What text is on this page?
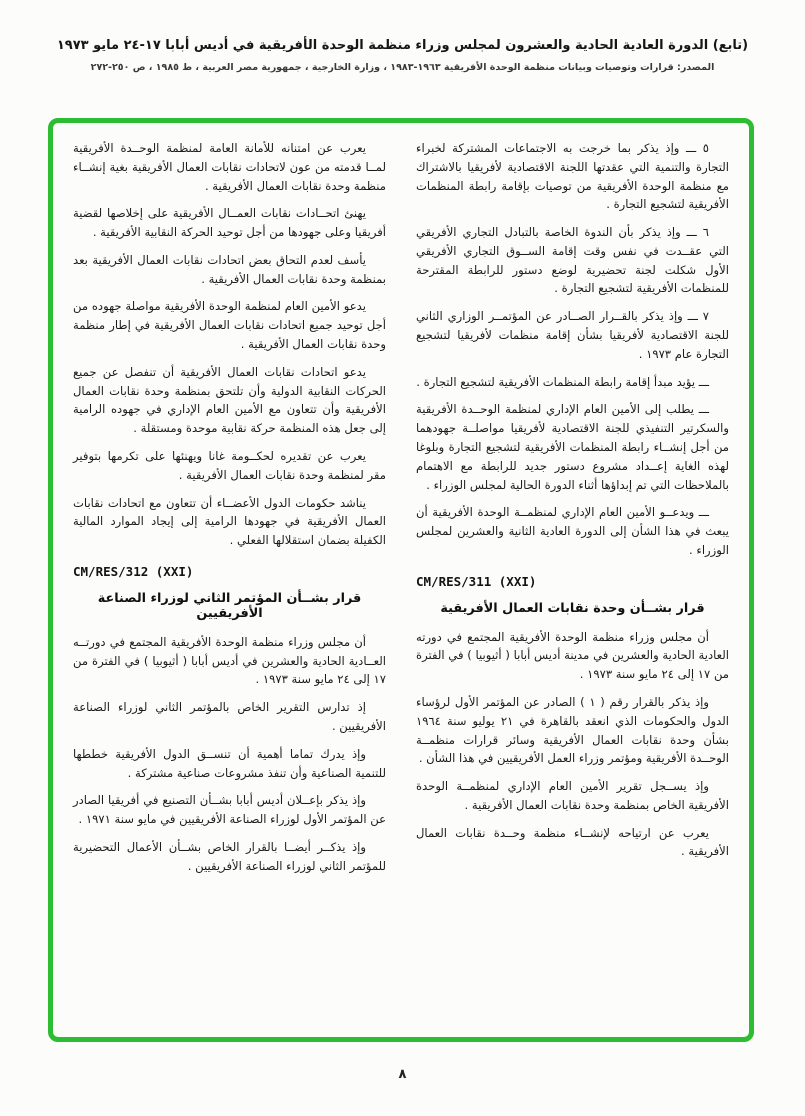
(تابع) الدورة العادية الحادية والعشرون لمجلس وزراء منظمة الوحدة الأفريقية في أديس أبابا ١٧-٢٤ مايو ١٩٧٣
المصدر: قرارات وتوصيات وبيانات منظمة الوحدة الأفريقية ١٩٦٣-١٩٨٣ ، وزارة الخارجية ، جمهورية مصر العربية ، ط ١٩٨٥ ، ص ٢٥٠-٢٧٢

٥ ـــ وإذ يذكر بما خرجت به الاجتماعات المشتركة لخبراء التجارة والتنمية التي عقدتها اللجنة الاقتصادية لأفريقيا بالاشتراك مع منظمة الوحدة الأفريقية من توصيات بإقامة رابطة المنظمات الأفريقية لتشجيع التجارة .

٦ ـــ وإذ يذكر بأن الندوة الخاصة بالتبادل التجاري الأفريقي التي عقــدت في نفس وقت إقامة الســوق التجاري الأفريقي الأول شكلت لجنة تحضيرية لوضع دستور للرابطة المقترحة للمنظمات الأفريقية لتشجيع التجارة .

٧ ـــ وإذ يذكر بالقــرار الصــادر عن المؤتمــر الوزاري الثاني للجنة الاقتصادية لأفريقيا بشأن إقامة منظمات لأفريقيا لتشجيع التجارة عام ١٩٧٣ .

ـــ يؤيد مبدأ إقامة رابطة المنظمات الأفريقية لتشجيع التجارة .

ـــ يطلب إلى الأمين العام الإداري لمنظمة الوحــدة الأفريقية والسكرتير التنفيذي للجنة الاقتصادية لأفريقيا مواصلــة جهودهما من أجل إنشــاء رابطة المنظمات الأفريقية لتشجيع التجارة وبلوغا لهذه الغاية إعــداد مشروع دستور جديد للرابطة مع الاهتمام بالملاحظات التي تم إبداؤها أثناء الدورة الحالية لمجلس الوزراء .

ـــ ويدعــو الأمين العام الإداري لمنظمــة الوحدة الأفريقية أن يبعث في هذا الشأن إلى الدورة العادية الثانية والعشرين لمجلس الوزراء .

CM/RES/311 (XXI)
قرار بشــأن وحدة نقابات العمال الأفريقية

أن مجلس وزراء منظمة الوحدة الأفريقية المجتمع في دورته العادية الحادية والعشرين في مدينة أديس أبابا ( أثيوبيا ) في الفترة من ١٧ إلى ٢٤ مايو سنة ١٩٧٣ .

وإذ يذكر بالقرار رقم ( ١ ) الصادر عن المؤتمر الأول لرؤساء الدول والحكومات الذي انعقد بالقاهرة في ٢١ يوليو سنة ١٩٦٤ بشأن وحدة نقابات العمال الأفريقية وسائر قرارات منظمــة الوحــدة الأفريقية ومؤتمر وزراء العمل الأفريقيين في هذا الشأن .

وإذ يســجل تقرير الأمين العام الإداري لمنظمــة الوحدة الأفريقية الخاص بمنظمة وحدة نقابات العمال الأفريقية .

يعرب عن ارتياحه لإنشــاء منظمة وحــدة نقابات العمال الأفريقية .

يعرب عن امتنانه للأمانة العامة لمنظمة الوحــدة الأفريقية لمــا قدمته من عون لاتحادات نقابات العمال الأفريقية بغية إنشــاء منظمة وحدة نقابات العمال الأفريقية .

يهنئ اتحــادات نقابات العمــال الأفريقية على إخلاصها لقضية أفريقيا وعلى جهودها من أجل توحيد الحركة النقابية الأفريقية .

يأسف لعدم التحاق بعض اتحادات نقابات العمال الأفريقية بعد بمنظمة وحدة نقابات العمال الأفريقية .

يدعو الأمين العام لمنظمة الوحدة الأفريقية مواصلة جهوده من أجل توحيد جميع اتحادات نقابات العمال الأفريقية في إطار منظمة وحدة نقابات العمال الأفريقية .

يدعو اتحادات نقابات العمال الأفريقية أن تنفصل عن جميع الحركات النقابية الدولية وأن تلتحق بمنظمة وحدة نقابات العمال الأفريقية وأن تتعاون مع الأمين العام الإداري في جهوده الرامية إلى جعل هذه المنظمة حركة نقابية موحدة ومستقلة .

يعرب عن تقديره لحكــومة غانا ويهنئها على تكرمها بتوفير مقر لمنظمة وحدة نقابات العمال الأفريقية .

يناشد حكومات الدول الأعضــاء أن تتعاون مع اتحادات نقابات العمال الأفريقية في جهودها الرامية إلى إيجاد الموارد المالية الكفيلة بضمان استقلالها الفعلي .

CM/RES/312 (XXI)
قرار بشــأن المؤتمر الثاني لوزراء الصناعة الأفريقيين

أن مجلس وزراء منظمة الوحدة الأفريقية المجتمع في دورتــه العــادية الحادية والعشرين في أديس أبابا ( أثيوبيا ) في الفترة من ١٧ إلى ٢٤ مايو سنة ١٩٧٣ .

إذ تدارس التقرير الخاص بالمؤتمر الثاني لوزراء الصناعة الأفريقيين .

وإذ يدرك تماما أهمية أن تنســق الدول الأفريقية خططها للتنمية الصناعية وأن تنفذ مشروعات صناعية مشتركة .

وإذ يذكر بإعــلان أديس أبابا بشــأن التصنيع في أفريقيا الصادر عن المؤتمر الأول لوزراء الصناعة الأفريقيين في مايو سنة ١٩٧١ .

وإذ يذكــر أيضــا بالقرار الخاص بشــأن الأعمال التحضيرية للمؤتمر الثاني لوزراء الصناعة الأفريقيين .

٨
